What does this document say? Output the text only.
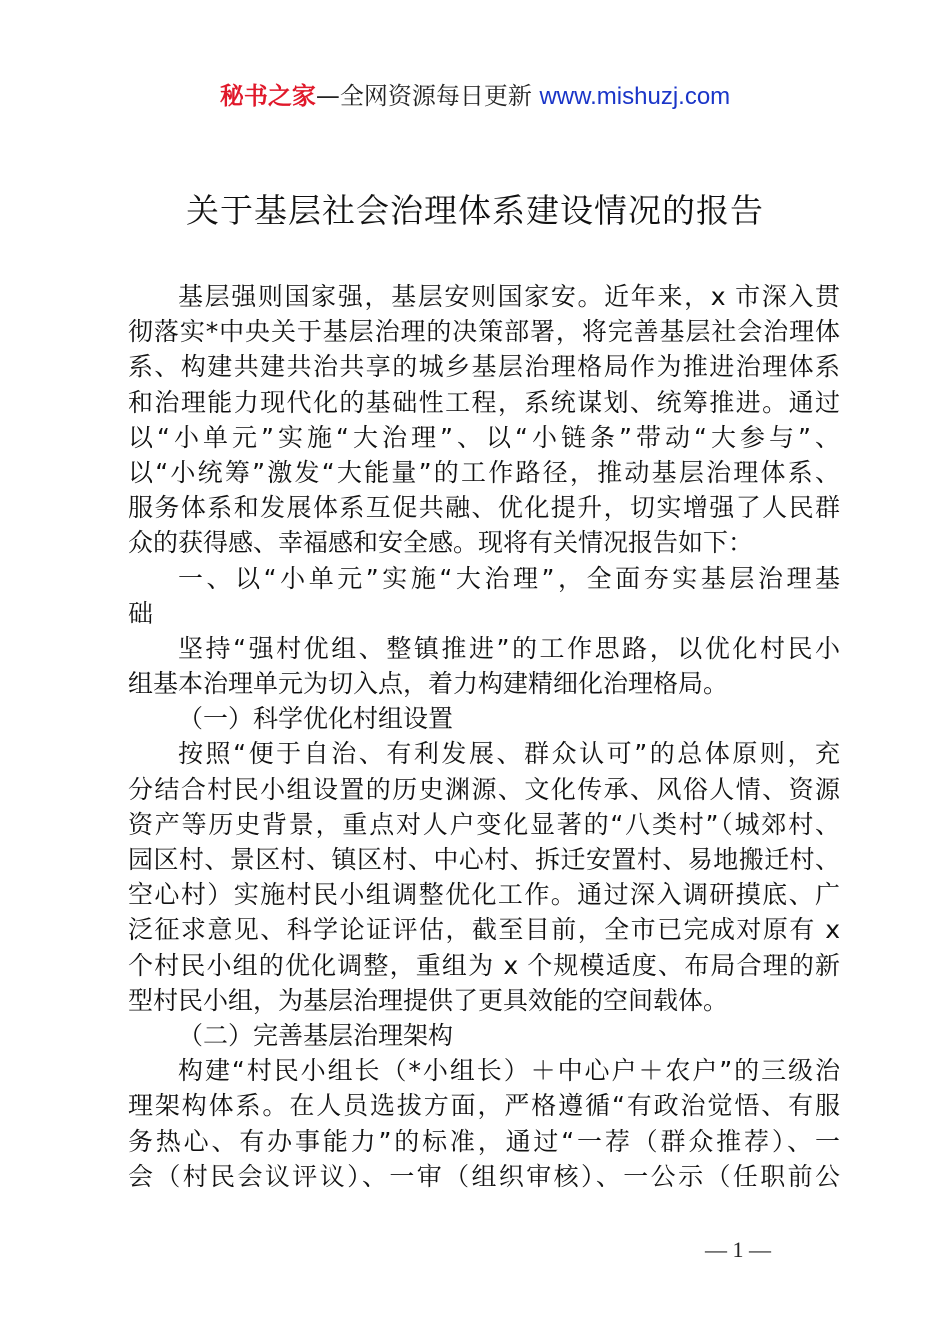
秘书之家—全网资源每日更新 www.mishuzj.com
关于基层社会治理体系建设情况的报告
基层强则国家强，基层安则国家安。近年来，x 市深入贯
彻落实*中央关于基层治理的决策部署，将完善基层社会治理体
系、构建共建共治共享的城乡基层治理格局作为推进治理体系
和治理能力现代化的基础性工程，系统谋划、统筹推进。通过
以“小单元”实施“大治理”、以“小链条”带动“大参与”、
以“小统筹”激发“大能量”的工作路径，推动基层治理体系、
服务体系和发展体系互促共融、优化提升，切实增强了人民群
众的获得感、幸福感和安全感。现将有关情况报告如下：
一、以“小单元”实施“大治理”，全面夯实基层治理基
础
坚持“强村优组、整镇推进”的工作思路，以优化村民小
组基本治理单元为切入点，着力构建精细化治理格局。
（一）科学优化村组设置
按照“便于自治、有利发展、群众认可”的总体原则，充
分结合村民小组设置的历史渊源、文化传承、风俗人情、资源
资产等历史背景，重点对人户变化显著的“八类村”（城郊村、
园区村、景区村、镇区村、中心村、拆迁安置村、易地搬迁村、
空心村）实施村民小组调整优化工作。通过深入调研摸底、广
泛征求意见、科学论证评估，截至目前，全市已完成对原有 x
个村民小组的优化调整，重组为 x 个规模适度、布局合理的新
型村民小组，为基层治理提供了更具效能的空间载体。
（二）完善基层治理架构
构建“村民小组长（*小组长）＋中心户＋农户”的三级治
理架构体系。在人员选拔方面，严格遵循“有政治觉悟、有服
务热心、有办事能力”的标准，通过“一荐（群众推荐）、一
会（村民会议评议）、一审（组织审核）、一公示（任职前公
— 1 —
